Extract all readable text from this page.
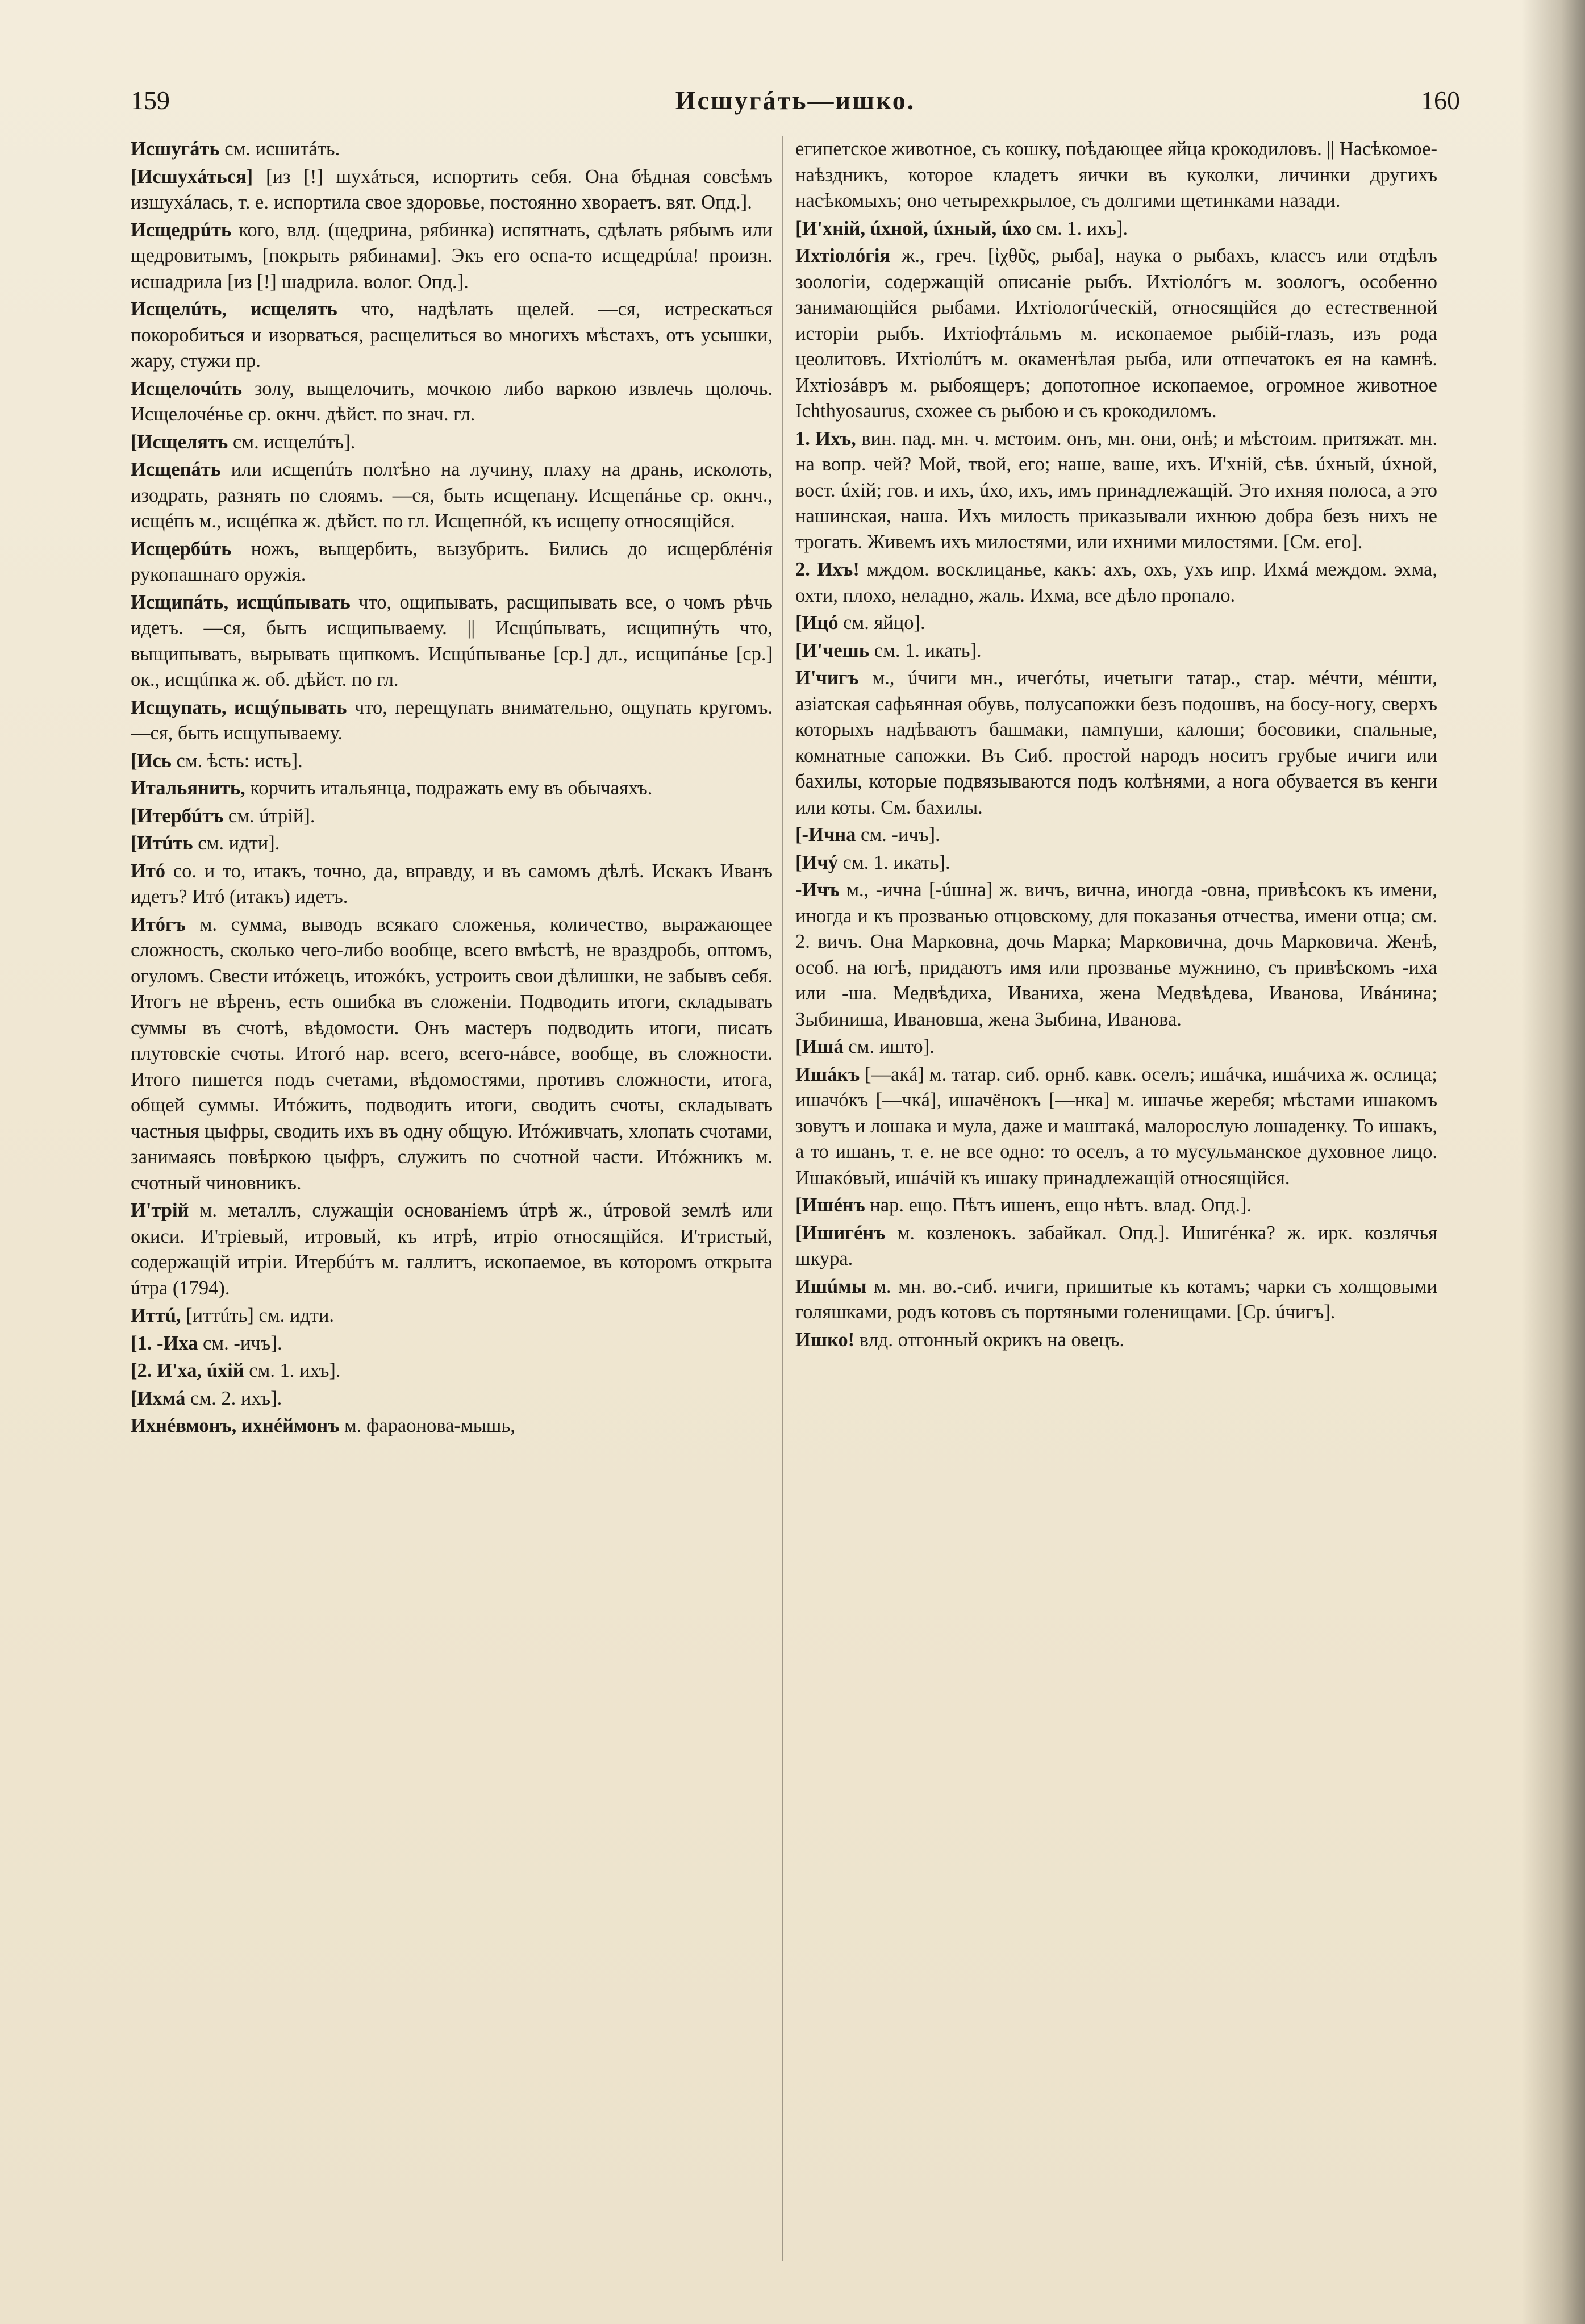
159	Исшугáть—ишко.	160

Исшугáть см. исшитáть.

[Исшухáться] [из [!] шухáться, испортить себя. Она бѣдная совсѣмъ изшухáлась, т. е. испортила свое здоровье, постоянно хвораетъ. вят. Опд.].

Исщедрúть кого, влд. (щедрина, рябинка) испятнать, сдѣлать рябымъ или щедровитымъ, [покрыть рябинами]. Экъ его оспа-то исщедрúла! произн. исшадрила [из [!] шадрила. волог. Опд.].

Исщелúть, исщелять что, надѣлать щелей. —ся, истрескаться покоробиться и изорваться, расщелиться во многихъ мѣстахъ, отъ усышки, жару, стужи пр.

Исщелочúть золу, выщелочить, мочкою либо варкою извлечь щолочь. Исщелочéнье ср. окнч. дѣйст. по знач. гл.

[Исщелять см. исщелúть].

Исщепáть или исщепúть пол𝔯ѣно на лучину, плаху на дрань, исколоть, изодрать, разнять по слоямъ. —ся, быть исщепану. Исщепáнье ср. окнч., исщéпъ м., исщéпка ж. дѣйст. по гл. Исщепнóй, къ исщепу относящійся.

Исщербúть ножъ, выщербить, вызубрить. Бились до исщерблéнія рукопашнаго оружія.

Исщипáть, исщúпывать что, ощипывать, расщипывать все, о чомъ рѣчь идетъ. —ся, быть исщипываему. || Исщúпывать, исщипнýть что, выщипывать, вырывать щипкомъ. Исщúпыванье [ср.] дл., исщипáнье [ср.] ок., исщúпка ж. об. дѣйст. по гл.

Исщупать, исщýпывать что, перещупать внимательно, ощупать кругомъ. —ся, быть исщупываему.

[Ись см. ѣсть: исть].

Итальянить, корчить итальянца, подражать ему въ обычаяхъ.

[Итербúтъ см. úтрій].

[Итúть см. идти].

Итó со. и то, итакъ, точно, да, вправду, и въ самомъ дѣлѣ. Искакъ Иванъ идетъ? Итó (итакъ) идетъ.

Итóгъ м. сумма, выводъ всякаго сложенья, количество, выражающее сложность, сколько чего-либо вообще, всего вмѣстѣ, не враздробь, оптомъ, огуломъ. Свести итóжецъ, итожóкъ, устроить свои дѣлишки, не забывъ себя. Итогъ не вѣренъ, есть ошибка въ сложеніи. Подводить итоги, складывать суммы въ счотѣ, вѣдомости. Онъ мастеръ подводить итоги, писать плутовскіе счоты. Итогó нар. всего, всего-нáвсе, вообще, въ сложности. Итого пишется подъ счетами, вѣдомостями, противъ сложности, итога, общей суммы. Итóжить, подводить итоги, сводить счоты, складывать частныя цыфры, сводить ихъ въ одну общую. Итóживчать, хлопать счотами, занимаясь повѣркою цыфръ, служить по счотной части. Итóжникъ м. счотный чиновникъ.

И'трій м. металлъ, служащіи основаніемъ úтрѣ ж., úтровой землѣ или окиси. И'тріевый, итровый, къ итрѣ, итріо относящійся. И'тристый, содержащій итріи. Итербúтъ м. галлитъ, ископаемое, въ которомъ открыта úтра (1794).

Иттú, [иттúть] см. идти.

[1. -Иха см. -ичъ].

[2. И'ха, úхій см. 1. ихъ].

[Ихмá см. 2. ихъ].

Ихнéвмонъ, ихнéймонъ м. фараонова-мышь,

египетское животное, съ кошку, поѣдающее яйца крокодиловъ. || Насѣкомое-наѣздникъ, которое кладетъ яички въ куколки, личинки другихъ насѣкомыхъ; оно четырехкрылое, съ долгими щетинками назади.

[И'хній, úхной, úхный, úхо см. 1. ихъ].

Ихтіолóгія ж., греч. [ἰχθῦς, рыба], наука о рыбахъ, классъ или отдѣлъ зоологіи, содержащій описаніе рыбъ. Ихтіолóгъ м. зоологъ, особенно занимающійся рыбами. Ихтіологúческій, относящійся до естественной исторіи рыбъ. Ихтіофтáльмъ м. ископаемое рыбій-глазъ, изъ рода цеолитовъ. Ихтіолúтъ м. окаменѣлая рыба, или отпечатокъ ея на камнѣ. Ихтіозáвръ м. рыбоящеръ; допотопное ископаемое, огромное животное Ichthyosaurus, схожее съ рыбою и съ крокодиломъ.

1. Ихъ, вин. пад. мн. ч. мстоим. онъ, мн. они, онѣ; и мѣстоим. притяжат. мн. на вопр. чей? Мой, твой, его; наше, ваше, ихъ. И'хній, сѣв. úхный, úхной, вост. úхій; гов. и ихъ, úхо, ихъ, имъ принадлежащій. Это ихняя полоса, а это нашинская, наша. Ихъ милость приказывали ихнюю добра безъ нихъ не трогать. Живемъ ихъ милостями, или ихними милостями. [См. его].

2. Ихъ! мждом. восклицанье, какъ: ахъ, охъ, ухъ ипр. Ихмá междом. эхма, охти, плохо, неладно, жаль. Ихма, все дѣло пропало.

[Ицó см. яйцо].

[И'чешь см. 1. икать].

И'чигъ м., úчиги мн., ичегóты, ичетыги татар., стар. мéчти, мéшти, азіатская сафьянная обувь, полусапожки безъ подошвъ, на босу-ногу, сверхъ которыхъ надѣваютъ башмаки, пампуши, калоши; босовики, спальные, комнатные сапожки. Въ Сиб. простой народъ носитъ грубые ичиги или бахилы, которые подвязываются подъ колѣнями, а нога обувается въ кенги или коты. См. бахилы.

[-Ична см. -ичъ].

[Ичý см. 1. икать].

-Ичъ м., -ична [-úшна] ж. вичъ, вична, иногда -овна, привѣсокъ къ имени, иногда и къ прозванью отцовскому, для показанья отчества, имени отца; см. 2. вичъ. Она Марковна, дочь Марка; Марковична, дочь Марковича. Женѣ, особ. на югѣ, придаютъ имя или прозванье мужнино, съ привѣскомъ -иха или -ша. Медвѣдиха, Иваниха, жена Медвѣдева, Иванова, Ивáнина; Зыбиниша, Ивановша, жена Зыбина, Иванова.

[Ишá см. ишто].

Ишáкъ [—акá] м. татар. сиб. орнб. кавк. оселъ; ишáчка, ишáчиха ж. ослица; ишачóкъ [—чкá], ишачёнокъ [—нка] м. ишачье жеребя; мѣстами ишакомъ зовутъ и лошака и мула, даже и маштакá, малорослую лошаденку. То ишакъ, а то ишанъ, т. е. не все одно: то оселъ, а то мусульманское духовное лицо. Ишакóвый, ишáчій къ ишаку принадлежащій относящійся.

[Ишéнъ нар. ещо. Пѣтъ ишенъ, ещо нѣтъ. влад. Опд.].

[Ишигéнъ м. козленокъ. забайкал. Опд.]. Ишигéнка? ж. ирк. козлячья шкура.

Ишúмы м. мн. во.-сиб. ичиги, пришитые къ котамъ; чарки съ холщовыми голяшками, родъ котовъ съ портяными голенищами. [Ср. úчигъ].

Ишко! влд. отгонный окрикъ на овецъ.
